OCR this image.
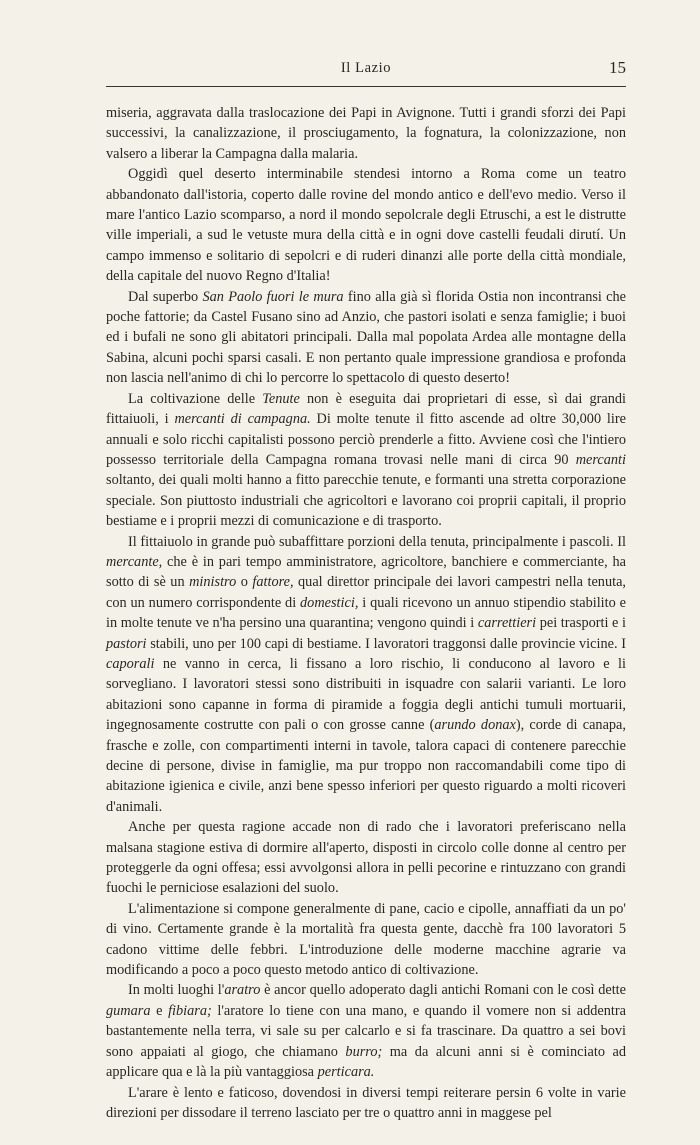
Il Lazio	15

miseria, aggravata dalla traslocazione dei Papi in Avignone. Tutti i grandi sforzi dei Papi successivi, la canalizzazione, il prosciugamento, la fognatura, la colonizzazione, non valsero a liberar la Campagna dalla malaria.

Oggidì quel deserto interminabile stendesi intorno a Roma come un teatro abbandonato dall'istoria, coperto dalle rovine del mondo antico e dell'evo medio. Verso il mare l'antico Lazio scomparso, a nord il mondo sepolcrale degli Etruschi, a est le distrutte ville imperiali, a sud le vetuste mura della città e in ogni dove castelli feudali dirutí. Un campo immenso e solitario di sepolcri e di ruderi dinanzi alle porte della città mondiale, della capitale del nuovo Regno d'Italia!

Dal superbo San Paolo fuori le mura fino alla già sì florida Ostia non incontransi che poche fattorie; da Castel Fusano sino ad Anzio, che pastori isolati e senza famiglie; i buoi ed i bufali ne sono gli abitatori principali. Dalla mal popolata Ardea alle montagne della Sabina, alcuni pochi sparsi casali. E non pertanto quale impressione grandiosa e profonda non lascia nell'animo di chi lo percorre lo spettacolo di questo deserto!

La coltivazione delle Tenute non è eseguita dai proprietari di esse, sì dai grandi fittaiuoli, i mercanti di campagna. Di molte tenute il fitto ascende ad oltre 30,000 lire annuali e solo ricchi capitalisti possono perciò prenderle a fitto. Avviene così che l'intiero possesso territoriale della Campagna romana trovasi nelle mani di circa 90 mercanti soltanto, dei quali molti hanno a fitto parecchie tenute, e formanti una stretta corporazione speciale. Son piuttosto industriali che agricoltori e lavorano coi proprii capitali, il proprio bestiame e i proprii mezzi di comunicazione e di trasporto.

Il fittaiuolo in grande può subaffittare porzioni della tenuta, principalmente i pascoli. Il mercante, che è in pari tempo amministratore, agricoltore, banchiere e commerciante, ha sotto di sè un ministro o fattore, qual direttor principale dei lavori campestri nella tenuta, con un numero corrispondente di domestici, i quali ricevono un annuo stipendio stabilito e in molte tenute ve n'ha persino una quarantina; vengono quindi i carrettieri pei trasporti e i pastori stabili, uno per 100 capi di bestiame. I lavoratori traggonsi dalle provincie vicine. I caporali ne vanno in cerca, li fissano a loro rischio, li conducono al lavoro e li sorvegliano. I lavoratori stessi sono distribuiti in isquadre con salarii varianti. Le loro abitazioni sono capanne in forma di piramide a foggia degli antichi tumuli mortuarii, ingegnosamente costrutte con pali o con grosse canne (arundo donax), corde di canapa, frasche e zolle, con compartimenti interni in tavole, talora capaci di contenere parecchie decine di persone, divise in famiglie, ma pur troppo non raccomandabili come tipo di abitazione igienica e civile, anzi bene spesso inferiori per questo riguardo a molti ricoveri d'animali.

Anche per questa ragione accade non di rado che i lavoratori preferiscano nella malsana stagione estiva di dormire all'aperto, disposti in circolo colle donne al centro per proteggerle da ogni offesa; essi avvolgonsi allora in pelli pecorine e rintuzzano con grandi fuochi le perniciose esalazioni del suolo.

L'alimentazione si compone generalmente di pane, cacio e cipolle, annaffiati da un po' di vino. Certamente grande è la mortalità fra questa gente, dacchè fra 100 lavoratori 5 cadono vittime delle febbri. L'introduzione delle moderne macchine agrarie va modificando a poco a poco questo metodo antico di coltivazione.

In molti luoghi l'aratro è ancor quello adoperato dagli antichi Romani con le così dette gumara e fibiara; l'aratore lo tiene con una mano, e quando il vomere non si addentra bastantemente nella terra, vi sale su per calcarlo e si fa trascinare. Da quattro a sei bovi sono appaiati al giogo, che chiamano burro; ma da alcuni anni si è cominciato ad applicare qua e là la più vantaggiosa perticara.

L'arare è lento e faticoso, dovendosi in diversi tempi reiterare persin 6 volte in varie direzioni per dissodare il terreno lasciato per tre o quattro anni in maggese pel
